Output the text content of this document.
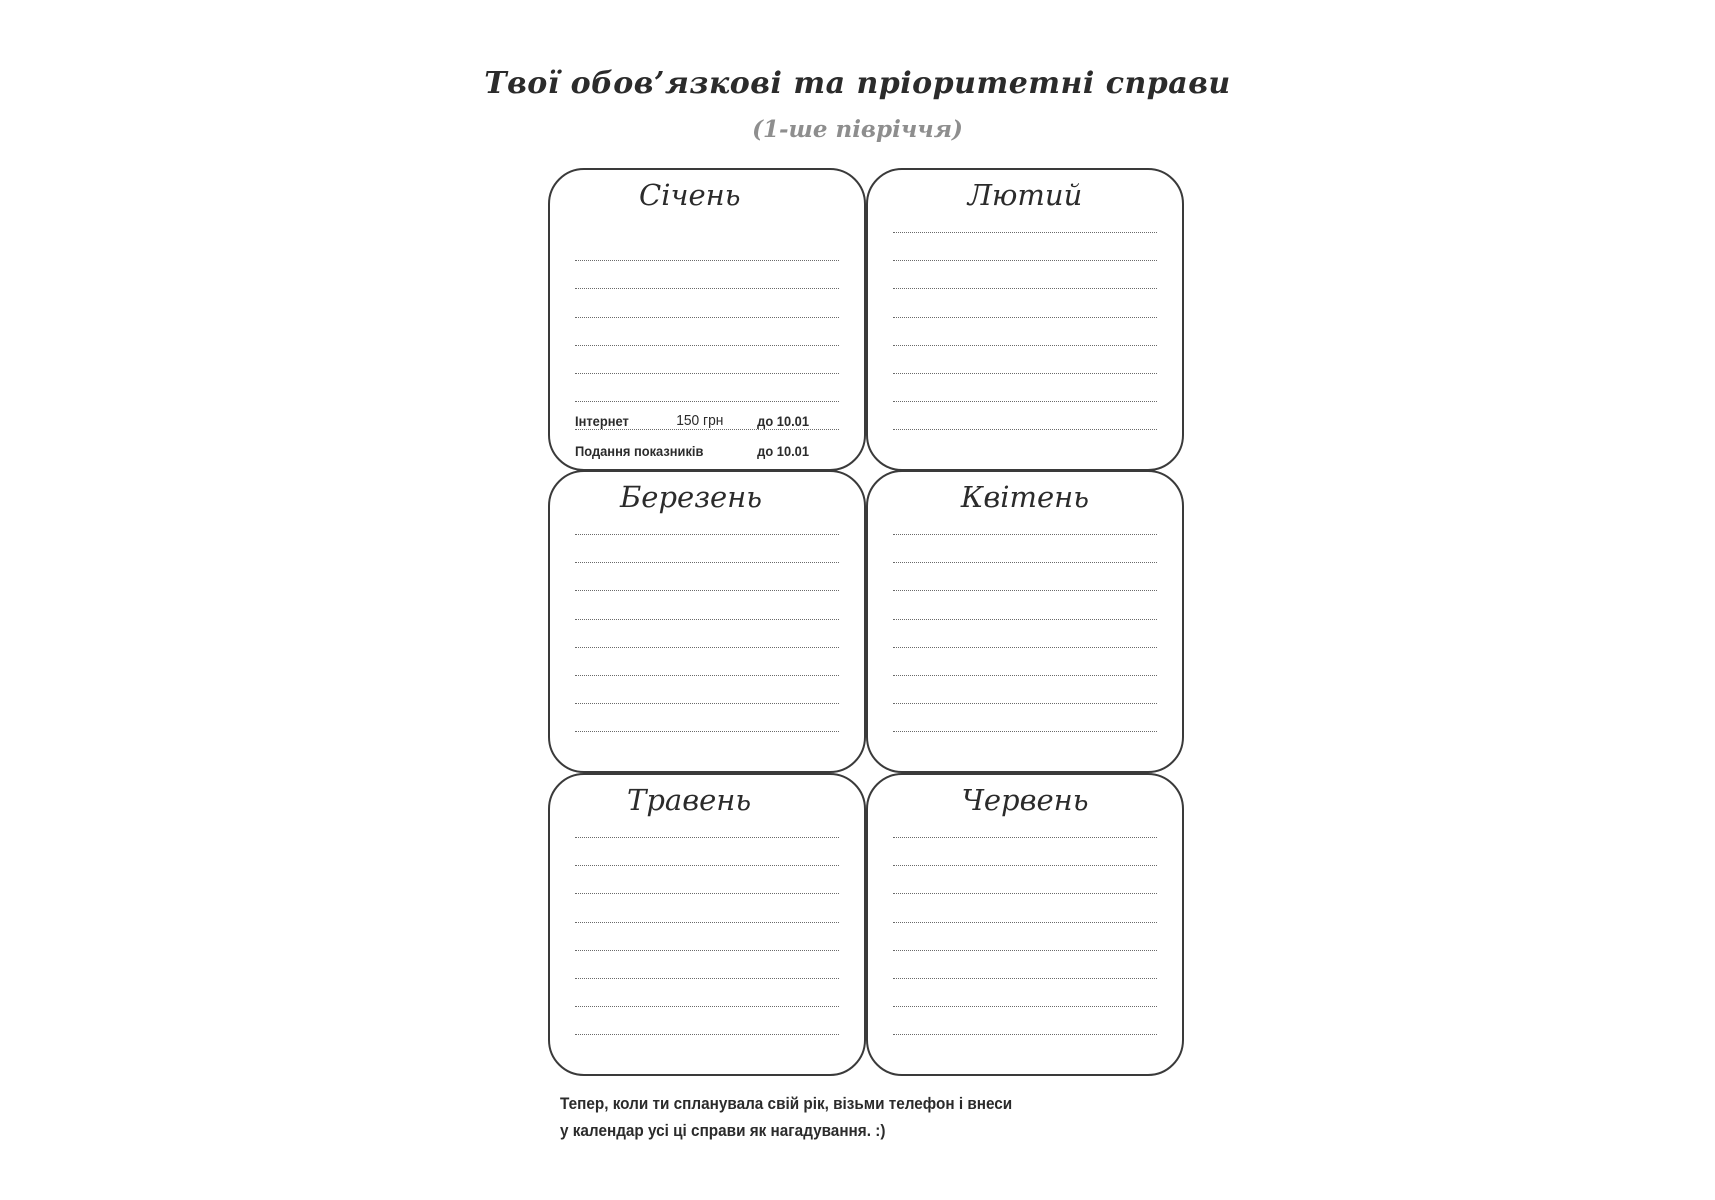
Твої обов’язкові та пріоритетні справи
(1-ше півріччя)
Січень
Інтернет	150 грн до 10.01
Подання показників	до 10.01
Лютий
Березень	Квітень
Травень	Червень
Тепер, коли ти спланувала свій рік, візьми телефон і внеси
у календар усі ці справи як нагадування. :)
